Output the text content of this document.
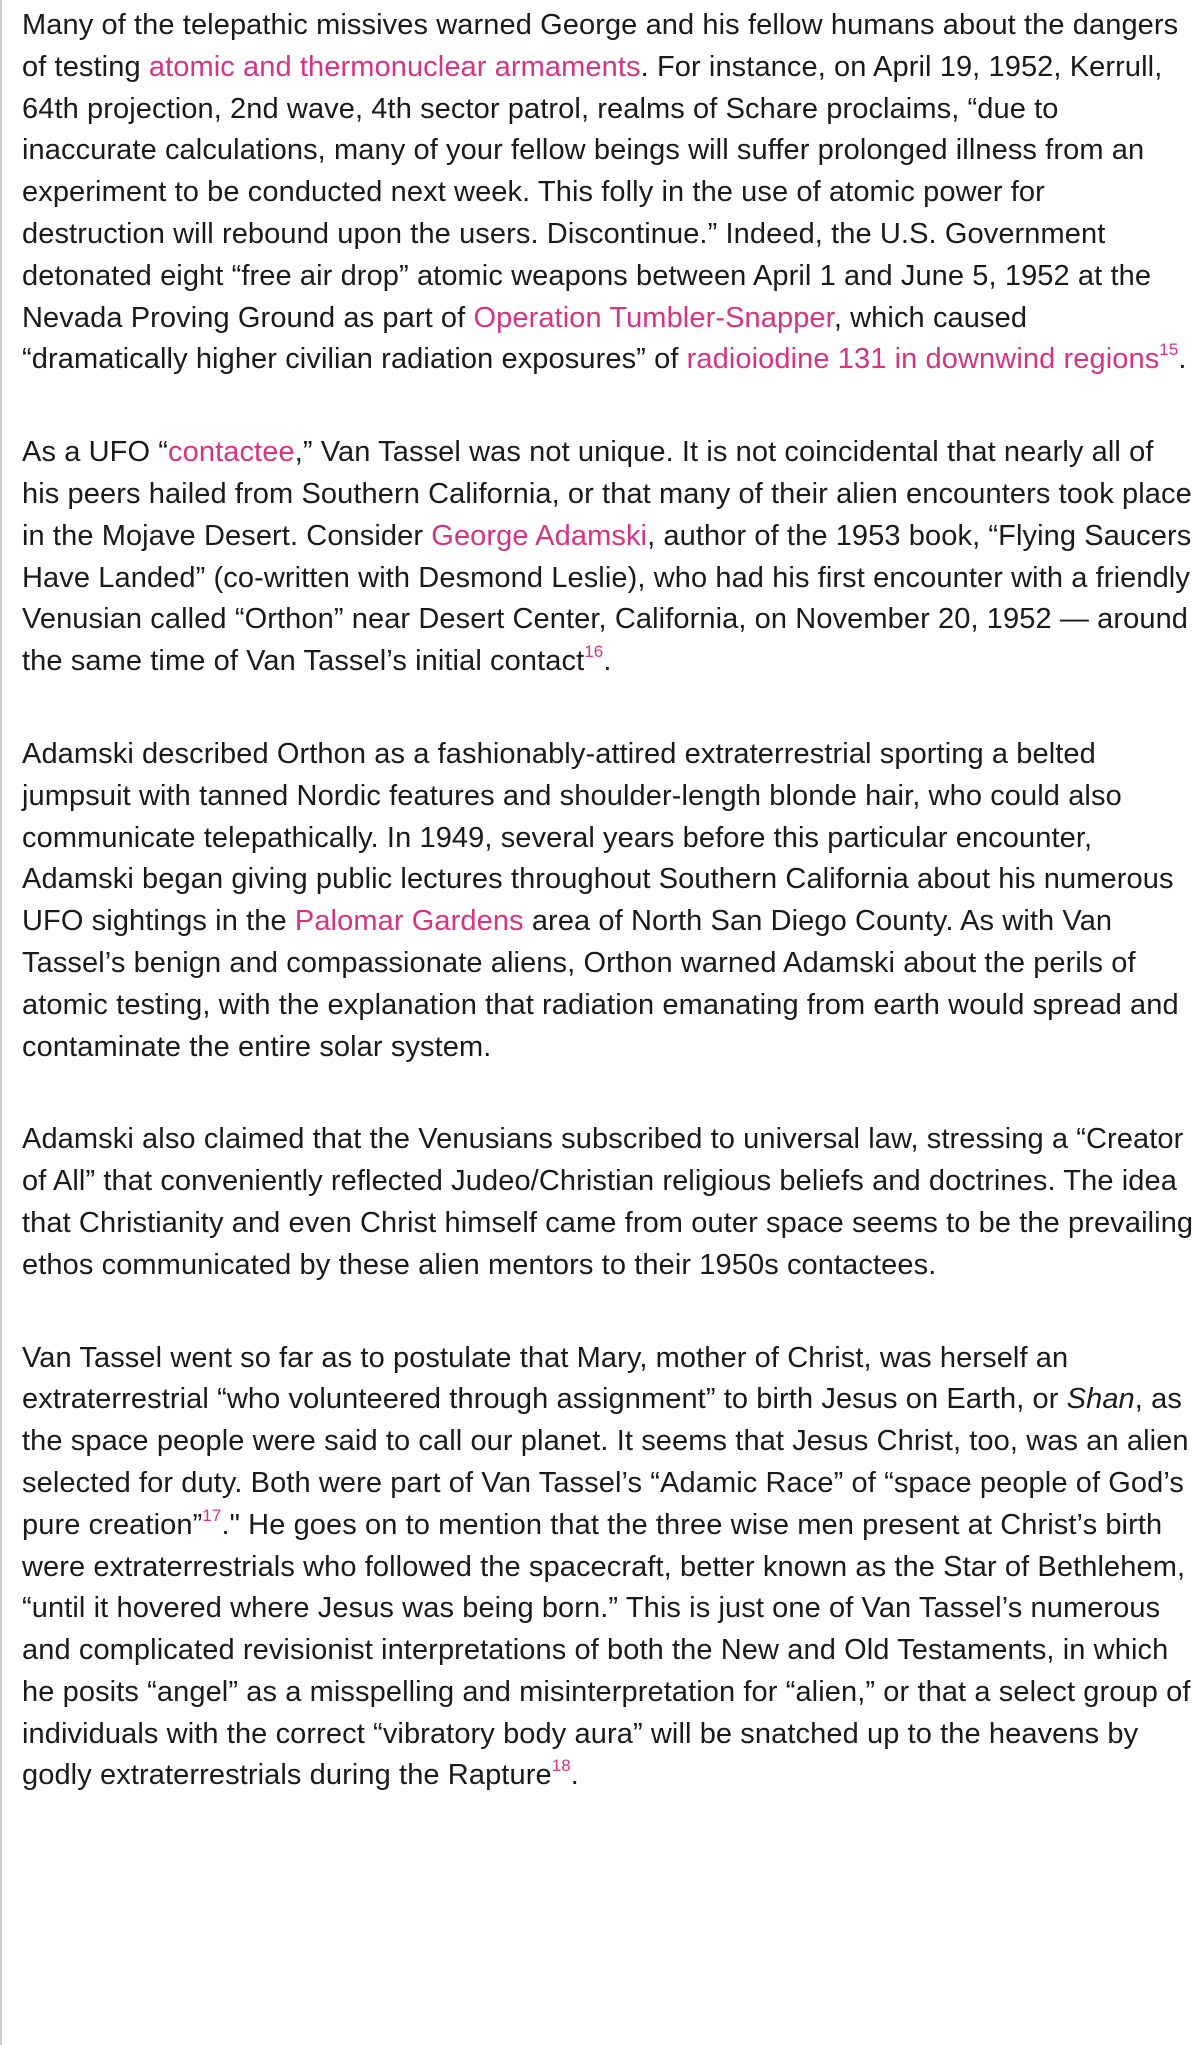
Many of the telepathic missives warned George and his fellow humans about the dangers of testing atomic and thermonuclear armaments. For instance, on April 19, 1952, Kerrull, 64th projection, 2nd wave, 4th sector patrol, realms of Schare proclaims, “due to inaccurate calculations, many of your fellow beings will suffer prolonged illness from an experiment to be conducted next week. This folly in the use of atomic power for destruction will rebound upon the users. Discontinue.” Indeed, the U.S. Government detonated eight “free air drop” atomic weapons between April 1 and June 5, 1952 at the Nevada Proving Ground as part of Operation Tumbler-Snapper, which caused “dramatically higher civilian radiation exposures” of radioiodine 131 in downwind regions$^{15}$.

As a UFO “contactee,” Van Tassel was not unique. It is not coincidental that nearly all of his peers hailed from Southern California, or that many of their alien encounters took place in the Mojave Desert. Consider George Adamski, author of the 1953 book, “Flying Saucers Have Landed” (co-written with Desmond Leslie), who had his first encounter with a friendly Venusian called “Orthon” near Desert Center, California, on November 20, 1952 — around the same time of Van Tassel’s initial contact$^{16}$.

Adamski described Orthon as a fashionably-attired extraterrestrial sporting a belted jumpsuit with tanned Nordic features and shoulder-length blonde hair, who could also communicate telepathically. In 1949, several years before this particular encounter, Adamski began giving public lectures throughout Southern California about his numerous UFO sightings in the Palomar Gardens area of North San Diego County. As with Van Tassel’s benign and compassionate aliens, Orthon warned Adamski about the perils of atomic testing, with the explanation that radiation emanating from earth would spread and contaminate the entire solar system.

Adamski also claimed that the Venusians subscribed to universal law, stressing a “Creator of All” that conveniently reflected Judeo/Christian religious beliefs and doctrines. The idea that Christianity and even Christ himself came from outer space seems to be the prevailing ethos communicated by these alien mentors to their 1950s contactees.

Van Tassel went so far as to postulate that Mary, mother of Christ, was herself an extraterrestrial “who volunteered through assignment” to birth Jesus on Earth, or Shan, as the space people were said to call our planet. It seems that Jesus Christ, too, was an alien selected for duty. Both were part of Van Tassel’s “Adamic Race” of “space people of God’s pure creation”$^{17}$." He goes on to mention that the three wise men present at Christ’s birth were extraterrestrials who followed the spacecraft, better known as the Star of Bethlehem, “until it hovered where Jesus was being born.” This is just one of Van Tassel’s numerous and complicated revisionist interpretations of both the New and Old Testaments, in which he posits “angel” as a misspelling and misinterpretation for “alien,” or that a select group of individuals with the correct “vibratory body aura” will be snatched up to the heavens by godly extraterrestrials during the Rapture$^{18}$.
